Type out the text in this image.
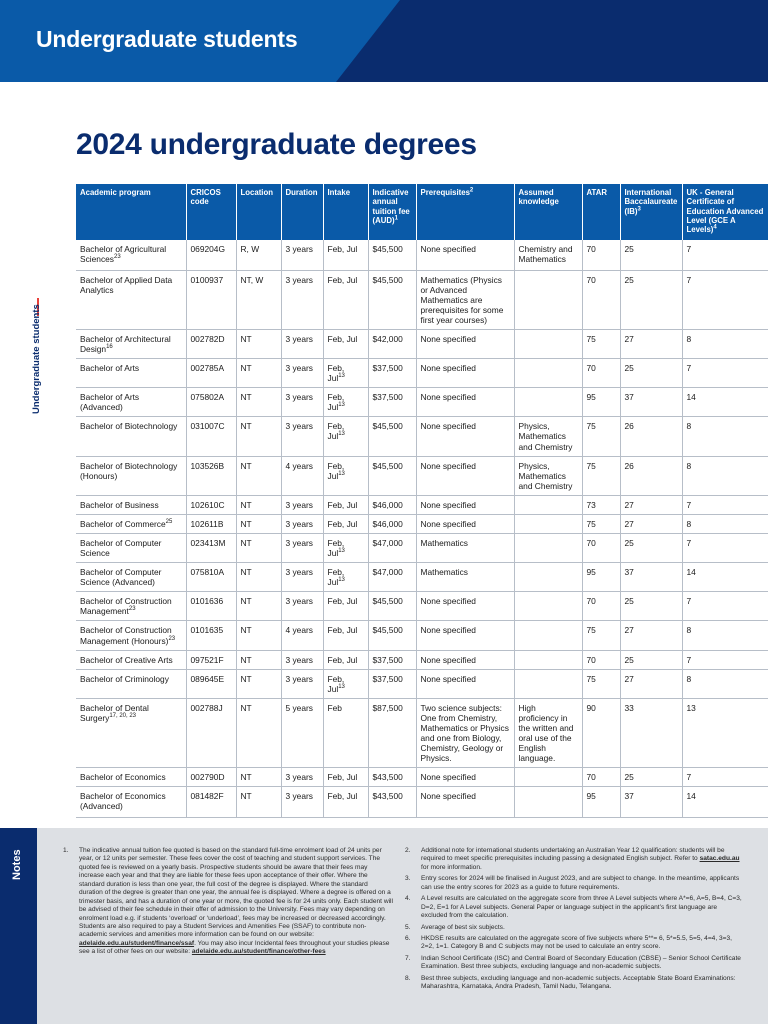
Undergraduate students
Undergraduate students
2024 undergraduate degrees
Academic program	CRICOS code	Location	Duration	Intake	Indicative annual tuition fee (AUD)$^1$	Prerequisites$^2$	Assumed knowledge	ATAR	International Baccalaureate (IB)$^3$	UK - General Certificate of Education Advanced Level (GCE A Levels)$^4$
Bachelor of Agricultural Sciences$^{23}$	069204G	R, W	3 years	Feb, Jul	$45,500	None specified	Chemistry and Mathematics	70	25	7
Bachelor of Applied Data Analytics	0100937	NT, W	3 years	Feb, Jul	$45,500	Mathematics (Physics or Advanced Mathematics are prerequisites for some first year courses)		70	25	7
Bachelor of Architectural Design$^{16}$	002782D	NT	3 years	Feb, Jul	$42,000	None specified		75	27	8
Bachelor of Arts	002785A	NT	3 years	Feb, Jul$^{13}$	$37,500	None specified		70	25	7
Bachelor of Arts (Advanced)	075802A	NT	3 years	Feb, Jul$^{13}$	$37,500	None specified		95	37	14
Bachelor of Biotechnology	031007C	NT	3 years	Feb, Jul$^{13}$	$45,500	None specified	Physics, Mathematics and Chemistry	75	26	8
Bachelor of Biotechnology (Honours)	103526B	NT	4 years	Feb, Jul$^{13}$	$45,500	None specified	Physics, Mathematics and Chemistry	75	26	8
Bachelor of Business	102610C	NT	3 years	Feb, Jul	$46,000	None specified		73	27	7
Bachelor of Commerce$^{25}$	102611B	NT	3 years	Feb, Jul	$46,000	None specified		75	27	8
Bachelor of Computer Science	023413M	NT	3 years	Feb, Jul$^{13}$	$47,000	Mathematics		70	25	7
Bachelor of Computer Science (Advanced)	075810A	NT	3 years	Feb, Jul$^{13}$	$47,000	Mathematics		95	37	14
Bachelor of Construction Management$^{23}$	0101636	NT	3 years	Feb, Jul	$45,500	None specified		70	25	7
Bachelor of Construction Management (Honours)$^{23}$	0101635	NT	4 years	Feb, Jul	$45,500	None specified		75	27	8
Bachelor of Creative Arts	097521F	NT	3 years	Feb, Jul	$37,500	None specified		70	25	7
Bachelor of Criminology	089645E	NT	3 years	Feb, Jul$^{13}$	$37,500	None specified		75	27	8
Bachelor of Dental Surgery$^{17, 20, 23}$	002788J	NT	5 years	Feb	$87,500	Two science subjects: One from Chemistry, Mathematics or Physics and one from Biology, Chemistry, Geology or Physics.	High proficiency in the written and oral use of the English language.	90	33	13
Bachelor of Economics	002790D	NT	3 years	Feb, Jul	$43,500	None specified		70	25	7
Bachelor of Economics (Advanced)	081482F	NT	3 years	Feb, Jul	$43,500	None specified		95	37	14
Notes	1.	The indicative annual tuition fee quoted is based on the standard full-time enrolment load of 24 units per year, or 12 units per semester. These fees cover the cost of teaching and student support services. The quoted fee is reviewed on a yearly basis. Prospective students should be aware that their fees may increase each year and that they are liable for these fees upon acceptance of their offer. Where the standard duration is less than one year, the full cost of the degree is displayed. Where the standard duration of the degree is greater than one year, the annual fee is displayed. Where a degree is offered on a trimester basis, and has a duration of one year or more, the quoted fee is for 24 units only. Each student will be advised of their fee schedule in their offer of admission to the University. Fees may vary depending on enrolment load e.g. if students ‘overload’ or ‘underload’, fees may be increased or decreased accordingly. Students are also required to pay a Student Services and Amenities Fee (SSAF) to contribute non-academic services and amenities more information can be found on our website: adelaide.edu.au/student/finance/ssaf. You may also incur Incidental fees throughout your studies please see a list of other fees on our website: adelaide.edu.au/student/finance/other-fees
2.	Additional note for international students undertaking an Australian Year 12 qualification: students will be required to meet specific prerequisites including passing a designated English subject. Refer to satac.edu.au for more information.
3.	Entry scores for 2024 will be finalised in August 2023, and are subject to change. In the meantime, applicants can use the entry scores for 2023 as a guide to future requirements.
4.	A Level results are calculated on the aggregate score from three A Level subjects where A*=6, A=5, B=4, C=3, D=2, E=1 for A Level subjects. General Paper or language subject in the applicant’s first language are excluded from the calculation.
5.	Average of best six subjects.
6.	HKDSE results are calculated on the aggregate score of five subjects where 5**= 6, 5*=5.5, 5=5, 4=4, 3=3, 2=2, 1=1. Category B and C subjects may not be used to calculate an entry score.
7.	Indian School Certificate (ISC) and Central Board of Secondary Education (CBSE) – Senior School Certificate Examination. Best three subjects, excluding language and non-academic subjects.
8.	Best three subjects, excluding language and non-academic subjects. Acceptable State Board Examinations: Maharashtra, Karnataka, Andra Pradesh, Tamil Nadu, Telangana.
